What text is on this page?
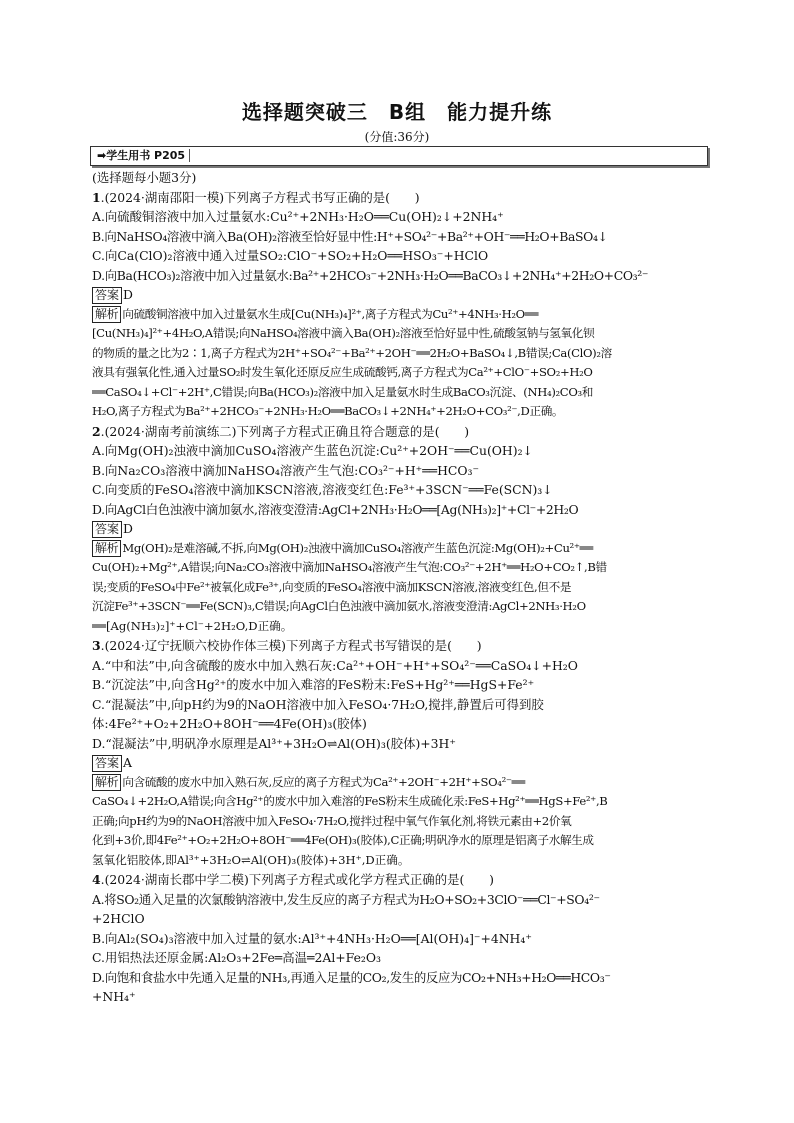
选择题突破三　B组　能力提升练
(分值:36分)
➡学生用书 P205
(选择题每小题3分)
1.(2024·湖南邵阳一模)下列离子方程式书写正确的是(　　)
A.向硫酸铜溶液中加入过量氨水:Cu²⁺+2NH₃·H₂O══Cu(OH)₂↓+2NH₄⁺
B.向NaHSO₄溶液中滴入Ba(OH)₂溶液至恰好显中性:H⁺+SO₄²⁻+Ba²⁺+OH⁻══H₂O+BaSO₄↓
C.向Ca(ClO)₂溶液中通入过量SO₂:ClO⁻+SO₂+H₂O══HSO₃⁻+HClO
D.向Ba(HCO₃)₂溶液中加入过量氨水:Ba²⁺+2HCO₃⁻+2NH₃·H₂O══BaCO₃↓+2NH₄⁺+2H₂O+CO₃²⁻
答案 D
解析 向硫酸铜溶液中加入过量氨水生成[Cu(NH₃)₄]²⁺,离子方程式为Cu²⁺+4NH₃·H₂O══
[Cu(NH₃)₄]²⁺+4H₂O,A错误;向NaHSO₄溶液中滴入Ba(OH)₂溶液至恰好显中性,硫酸氢钠与氢氧化钡
的物质的量之比为2∶1,离子方程式为2H⁺+SO₄²⁻+Ba²⁺+2OH⁻══2H₂O+BaSO₄↓,B错误;Ca(ClO)₂溶
液具有强氧化性,通入过量SO₂时发生氧化还原反应生成硫酸钙,离子方程式为Ca²⁺+ClO⁻+SO₂+H₂O
══CaSO₄↓+Cl⁻+2H⁺,C错误;向Ba(HCO₃)₂溶液中加入足量氨水时生成BaCO₃沉淀、(NH₄)₂CO₃和
H₂O,离子方程式为Ba²⁺+2HCO₃⁻+2NH₃·H₂O══BaCO₃↓+2NH₄⁺+2H₂O+CO₃²⁻,D正确。
2.(2024·湖南考前演练二)下列离子方程式正确且符合题意的是(　　)
A.向Mg(OH)₂浊液中滴加CuSO₄溶液产生蓝色沉淀:Cu²⁺+2OH⁻══Cu(OH)₂↓
B.向Na₂CO₃溶液中滴加NaHSO₄溶液产生气泡:CO₃²⁻+H⁺══HCO₃⁻
C.向变质的FeSO₄溶液中滴加KSCN溶液,溶液变红色:Fe³⁺+3SCN⁻══Fe(SCN)₃↓
D.向AgCl白色浊液中滴加氨水,溶液变澄清:AgCl+2NH₃·H₂O══[Ag(NH₃)₂]⁺+Cl⁻+2H₂O
答案 D
解析 Mg(OH)₂是难溶碱,不拆,向Mg(OH)₂浊液中滴加CuSO₄溶液产生蓝色沉淀:Mg(OH)₂+Cu²⁺══
Cu(OH)₂+Mg²⁺,A错误;向Na₂CO₃溶液中滴加NaHSO₄溶液产生气泡:CO₃²⁻+2H⁺══H₂O+CO₂↑,B错
误;变质的FeSO₄中Fe²⁺被氧化成Fe³⁺,向变质的FeSO₄溶液中滴加KSCN溶液,溶液变红色,但不是
沉淀Fe³⁺+3SCN⁻══Fe(SCN)₃,C错误;向AgCl白色浊液中滴加氨水,溶液变澄清:AgCl+2NH₃·H₂O
══[Ag(NH₃)₂]⁺+Cl⁻+2H₂O,D正确。
3.(2024·辽宁抚顺六校协作体三模)下列离子方程式书写错误的是(　　)
A.“中和法”中,向含硫酸的废水中加入熟石灰:Ca²⁺+OH⁻+H⁺+SO₄²⁻══CaSO₄↓+H₂O
B.“沉淀法”中,向含Hg²⁺的废水中加入难溶的FeS粉末:FeS+Hg²⁺══HgS+Fe²⁺
C.“混凝法”中,向pH约为9的NaOH溶液中加入FeSO₄·7H₂O,搅拌,静置后可得到胶
体:4Fe²⁺+O₂+2H₂O+8OH⁻══4Fe(OH)₃(胶体)
D.“混凝法”中,明矾净水原理是Al³⁺+3H₂O⇌Al(OH)₃(胶体)+3H⁺
答案 A
解析 向含硫酸的废水中加入熟石灰,反应的离子方程式为Ca²⁺+2OH⁻+2H⁺+SO₄²⁻══
CaSO₄↓+2H₂O,A错误;向含Hg²⁺的废水中加入难溶的FeS粉末生成硫化汞:FeS+Hg²⁺══HgS+Fe²⁺,B
正确;向pH约为9的NaOH溶液中加入FeSO₄·7H₂O,搅拌过程中氧气作氧化剂,将铁元素由+2价氧
化到+3价,即4Fe²⁺+O₂+2H₂O+8OH⁻══4Fe(OH)₃(胶体),C正确;明矾净水的原理是铝离子水解生成
氢氧化铝胶体,即Al³⁺+3H₂O⇌Al(OH)₃(胶体)+3H⁺,D正确。
4.(2024·湖南长郡中学二模)下列离子方程式或化学方程式正确的是(　　)
A.将SO₂通入足量的次氯酸钠溶液中,发生反应的离子方程式为H₂O+SO₂+3ClO⁻══Cl⁻+SO₄²⁻
+2HClO
B.向Al₂(SO₄)₃溶液中加入过量的氨水:Al³⁺+4NH₃·H₂O══[Al(OH)₄]⁻+4NH₄⁺
C.用铝热法还原金属:Al₂O₃+2Fe═高温═2Al+Fe₂O₃
D.向饱和食盐水中先通入足量的NH₃,再通入足量的CO₂,发生的反应为CO₂+NH₃+H₂O══HCO₃⁻
+NH₄⁺
